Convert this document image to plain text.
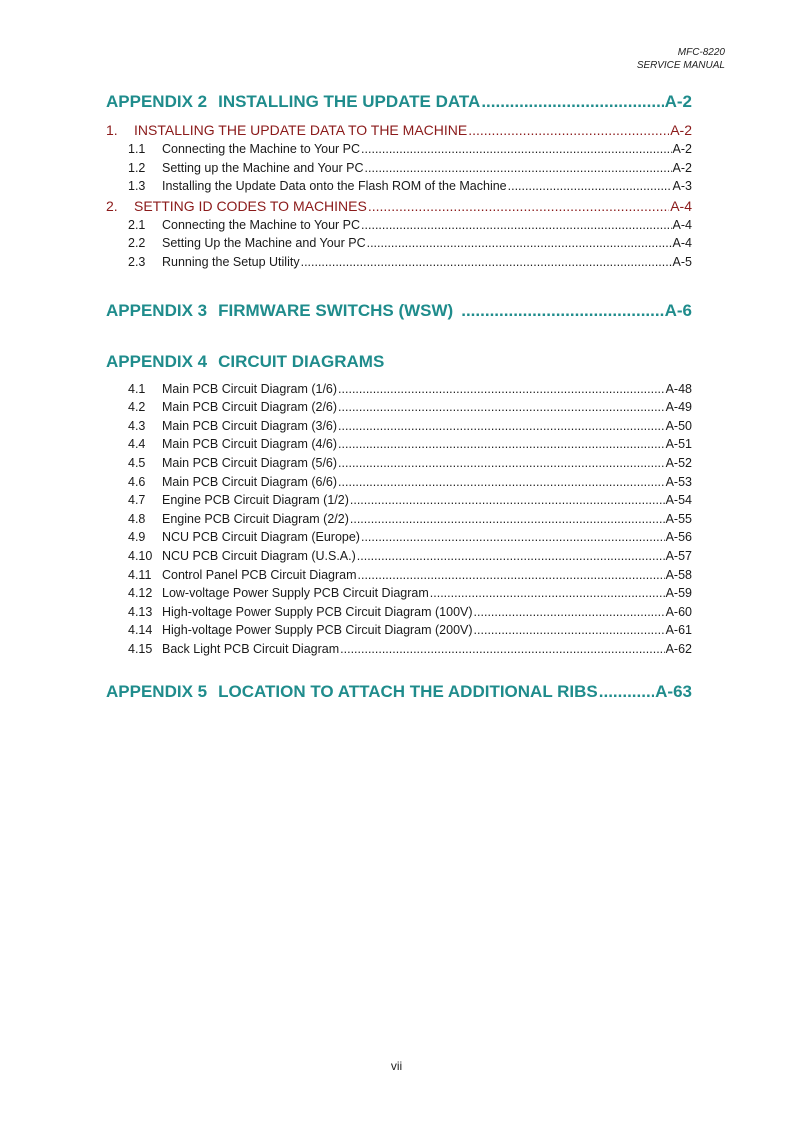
MFC-8220
SERVICE MANUAL
APPENDIX 2 INSTALLING THE UPDATE DATA .....	A-2
1. INSTALLING THE UPDATE DATA TO THE MACHINE .....	A-2
1.1 Connecting the Machine to Your PC .....	A-2
1.2 Setting up the Machine and Your PC .....	A-2
1.3 Installing the Update Data onto the Flash ROM of the Machine .....	A-3
2. SETTING ID CODES TO MACHINES .....	A-4
2.1 Connecting the Machine to Your PC .....	A-4
2.2 Setting Up the Machine and Your PC .....	A-4
2.3 Running the Setup Utility .....	A-5
APPENDIX 3 FIRMWARE SWITCHS (WSW) .....	A-6
APPENDIX 4 CIRCUIT DIAGRAMS
4.1 Main PCB Circuit Diagram (1/6) .....	A-48
4.2 Main PCB Circuit Diagram (2/6) .....	A-49
4.3 Main PCB Circuit Diagram (3/6) .....	A-50
4.4 Main PCB Circuit Diagram (4/6) .....	A-51
4.5 Main PCB Circuit Diagram (5/6) .....	A-52
4.6 Main PCB Circuit Diagram (6/6) .....	A-53
4.7 Engine PCB Circuit Diagram (1/2) .....	A-54
4.8 Engine PCB Circuit Diagram (2/2) .....	A-55
4.9 NCU PCB Circuit Diagram (Europe) .....	A-56
4.10 NCU PCB Circuit Diagram (U.S.A.) .....	A-57
4.11 Control Panel PCB Circuit Diagram .....	A-58
4.12 Low-voltage Power Supply PCB Circuit Diagram .....	A-59
4.13 High-voltage Power Supply PCB Circuit Diagram (100V) .....	A-60
4.14 High-voltage Power Supply PCB Circuit Diagram (200V) .....	A-61
4.15 Back Light PCB Circuit Diagram .....	A-62
APPENDIX 5 LOCATION TO ATTACH THE ADDITIONAL RIBS .....	A-63
vii
